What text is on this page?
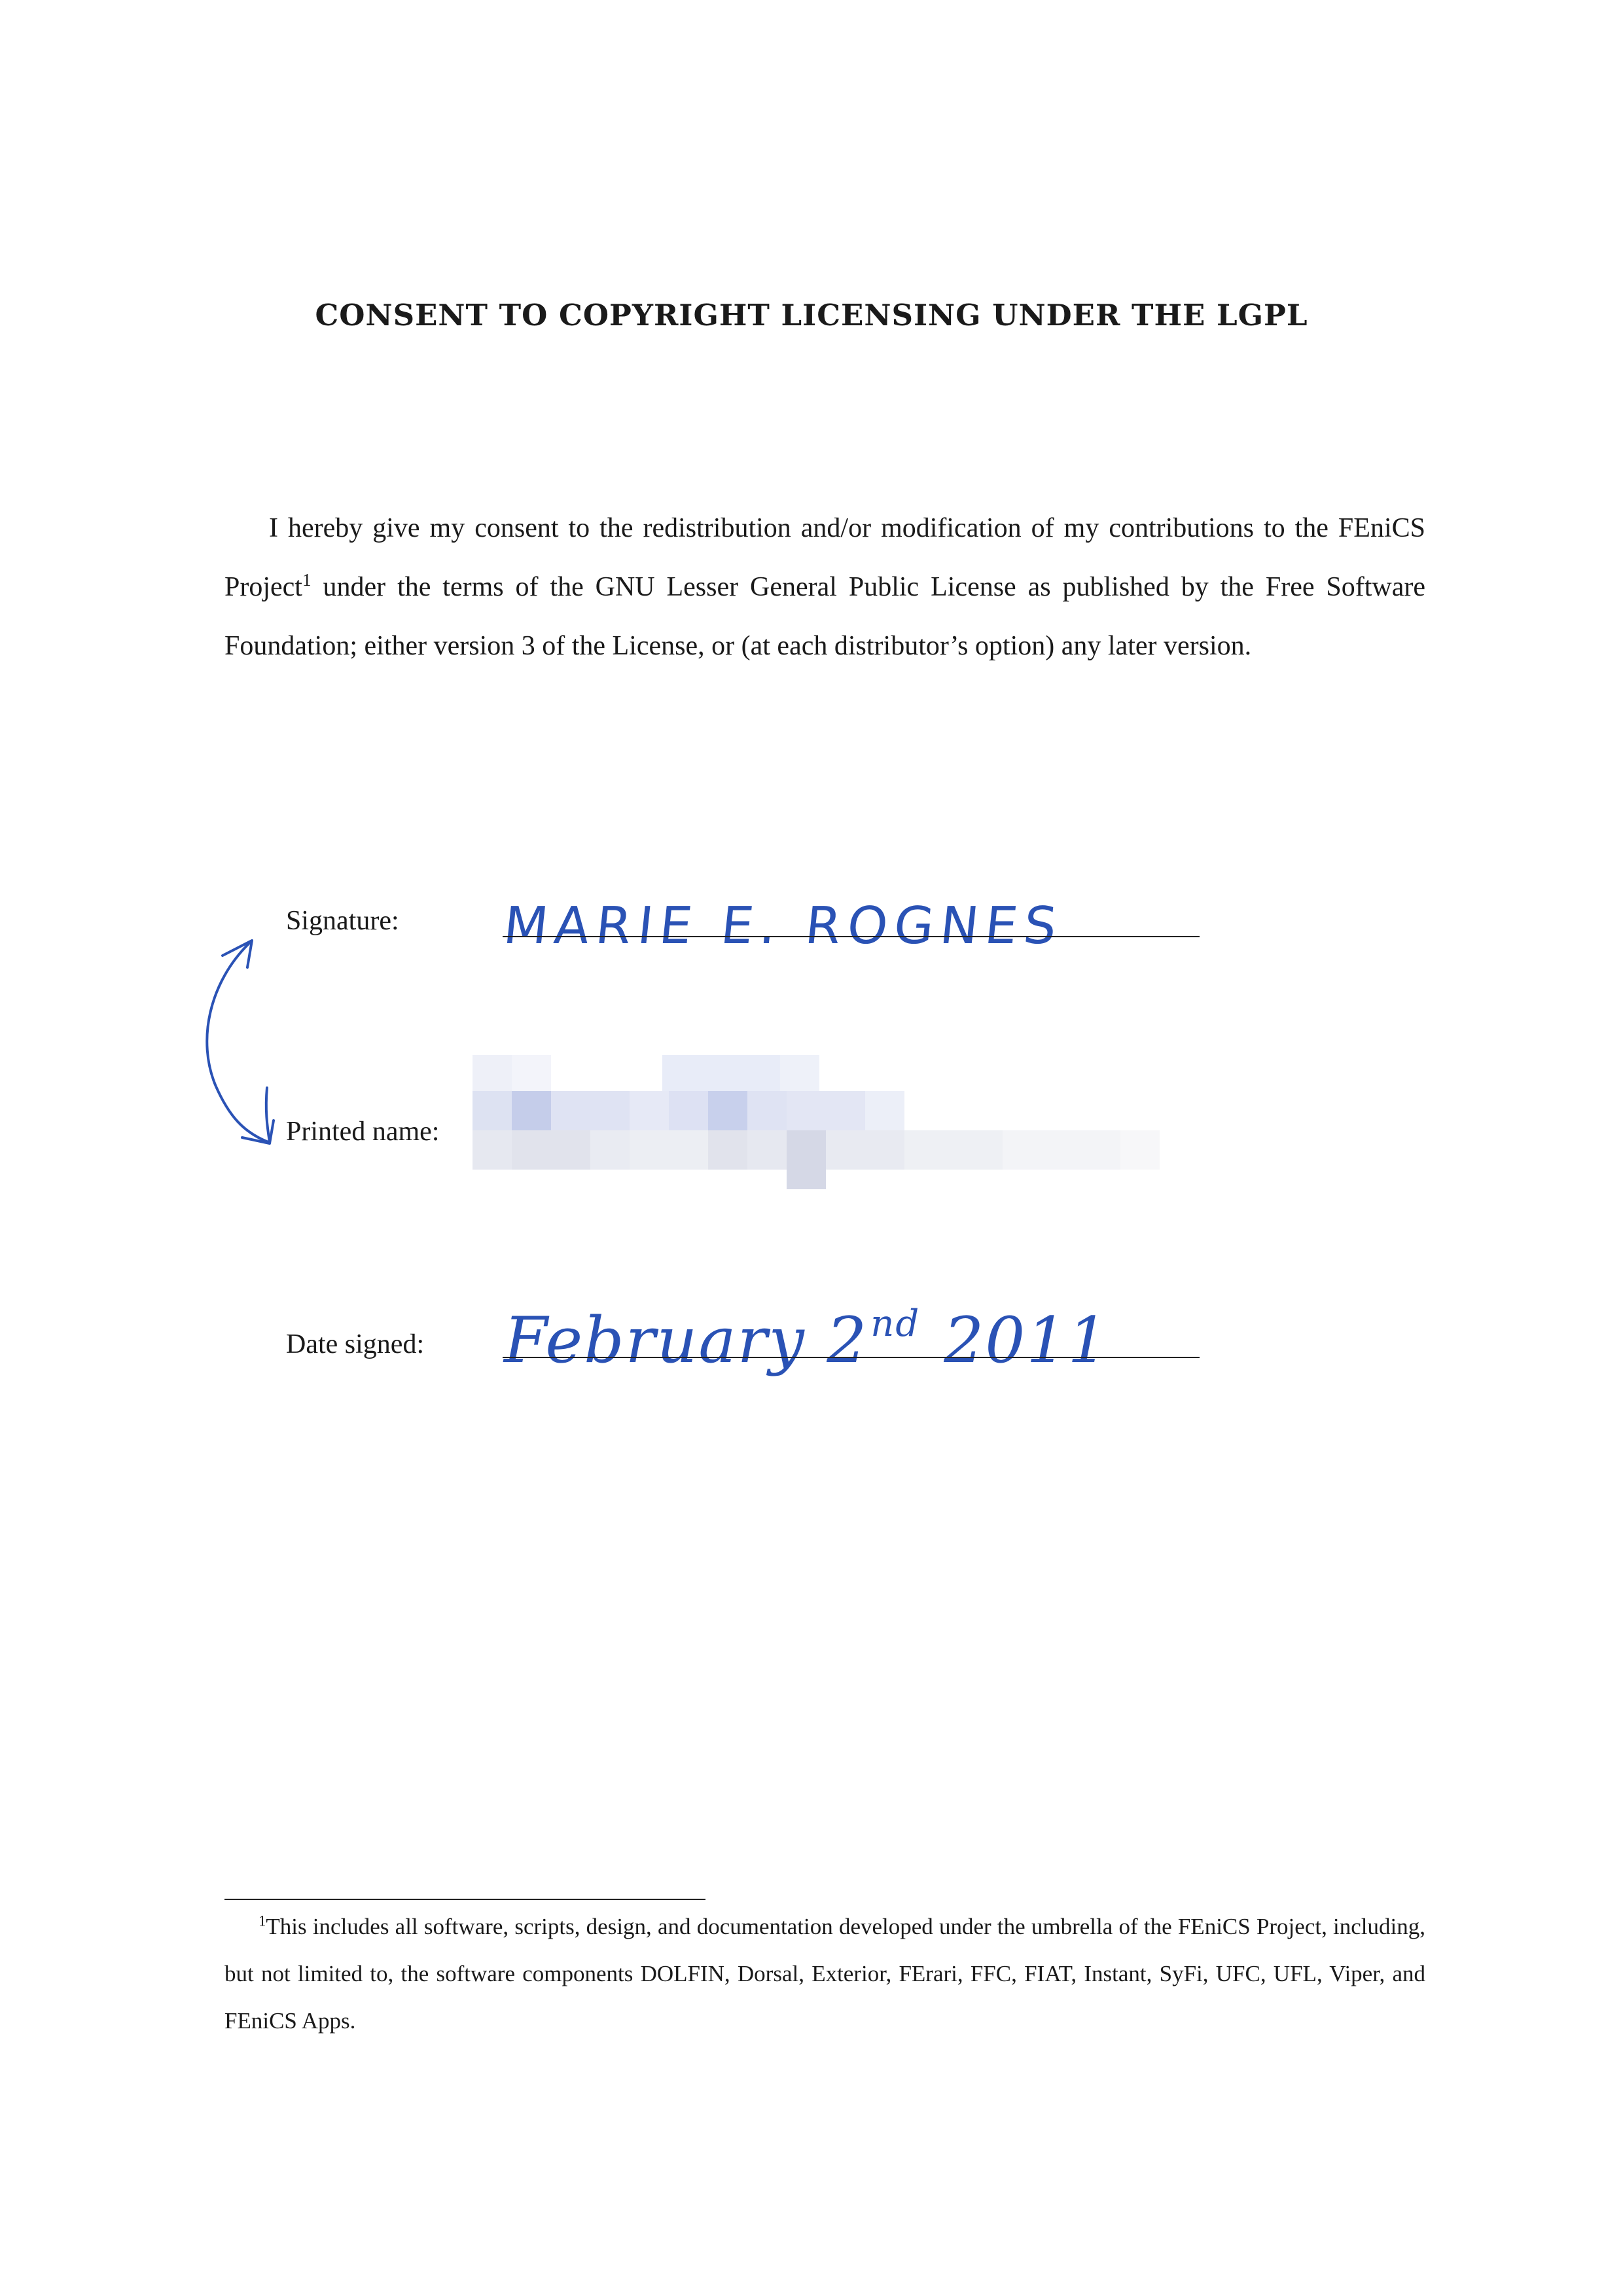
CONSENT TO COPYRIGHT LICENSING UNDER THE LGPL

I hereby give my consent to the redistribution and/or modification of my contributions to the FEniCS Project$^1$ under the terms of the GNU Lesser General Public License as published by the Free Software Foundation; either version 3 of the License, or (at each distributor’s option) any later version.

Signature: MARIE E. ROGNES
Printed name:
Date signed: February 2nd 2011

$^1$This includes all software, scripts, design, and documentation developed under the umbrella of the FEniCS Project, including, but not limited to, the software components DOLFIN, Dorsal, Exterior, FErari, FFC, FIAT, Instant, SyFi, UFC, UFL, Viper, and FEniCS Apps.
